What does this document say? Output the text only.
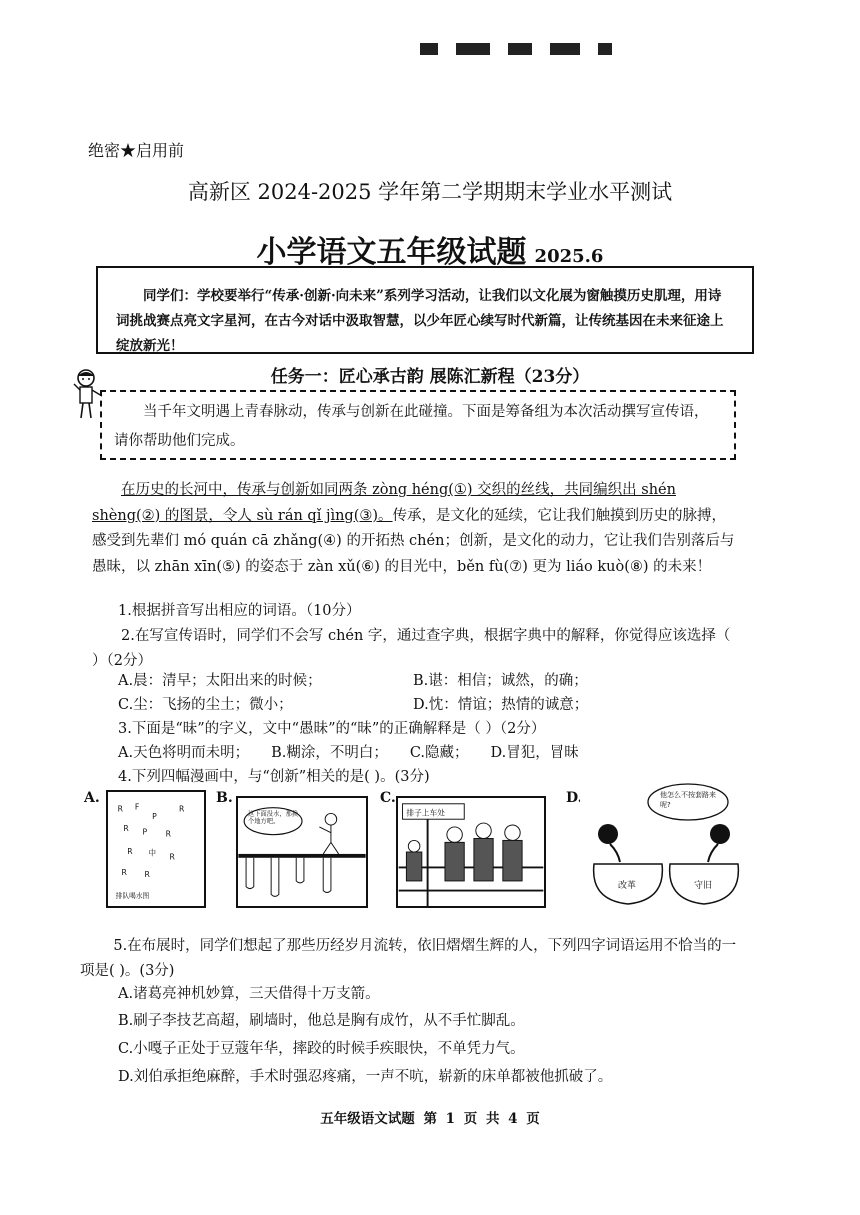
绝密★启用前
高新区 2024-2025 学年第二学期期末学业水平测试
小学语文五年级试题 2025.6
同学们：学校要举行“传承·创新·向未来”系列学习活动，让我们以文化展为窗触摸历史肌理，用诗词挑战赛点亮文字星河，在古今对话中汲取智慧，以少年匠心续写时代新篇，让传统基因在未来征途上绽放新光！
任务一：匠心承古韵 展陈汇新程（23分）
当千年文明遇上青春脉动，传承与创新在此碰撞。下面是筹备组为本次活动撰写宣传语，请你帮助他们完成。
在历史的长河中，传承与创新如同两条 zòng héng(①) 交织的丝线，共同编织出 shén shèng(②) 的图景，令人 sù rán qǐ jìng(③)。传承，是文化的延续，它让我们触摸到历史的脉搏，感受到先辈们 mó quán cā zhǎng(④) 的开拓热 chén；创新，是文化的动力，它让我们告别落后与愚昧，以 zhān xīn(⑤) 的姿态于 zàn xǔ(⑥) 的目光中，běn fù(⑦) 更为 liáo kuò(⑧) 的未来！
1.根据拼音写出相应的词语。（10分）
2.在写宣传语时，同学们不会写 chén 字，通过查字典，根据字典中的解释，你觉得应该选择（ ）（2分）
A.晨：清早；太阳出来的时候；	B.谌：相信；诚然，的确；
C.尘：飞扬的尘土；微小；	D.忱：情谊；热情的诚意；
3.下面是“昧”的字义，文中“愚昧”的“昧”的正确解释是（ ）（2分）
A.天色将明而未明； B.糊涂，不明白； C.隐藏； D.冒犯，冒昧
4.下列四幅漫画中，与“创新”相关的是( )。(3分)
A.
R F
P
R
R P R
R 中 R
R R
排队喝水图
B.
这下面没水，那换个地方吧。
C.
排子上车处
D.	他怎么不按套路来呢?
改革	守旧
5.在布展时，同学们想起了那些历经岁月流转，依旧熠熠生辉的人，下列四字词语运用不恰当的一项是( )。(3分)
A.诸葛亮神机妙算，三天借得十万支箭。
B.刷子李技艺高超，刷墙时，他总是胸有成竹，从不手忙脚乱。
C.小嘎子正处于豆蔻年华，摔跤的时候手疾眼快，不单凭力气。
D.刘伯承拒绝麻醉，手术时强忍疼痛，一声不吭，崭新的床单都被他抓破了。
五年级语文试题 第 1 页 共 4 页
